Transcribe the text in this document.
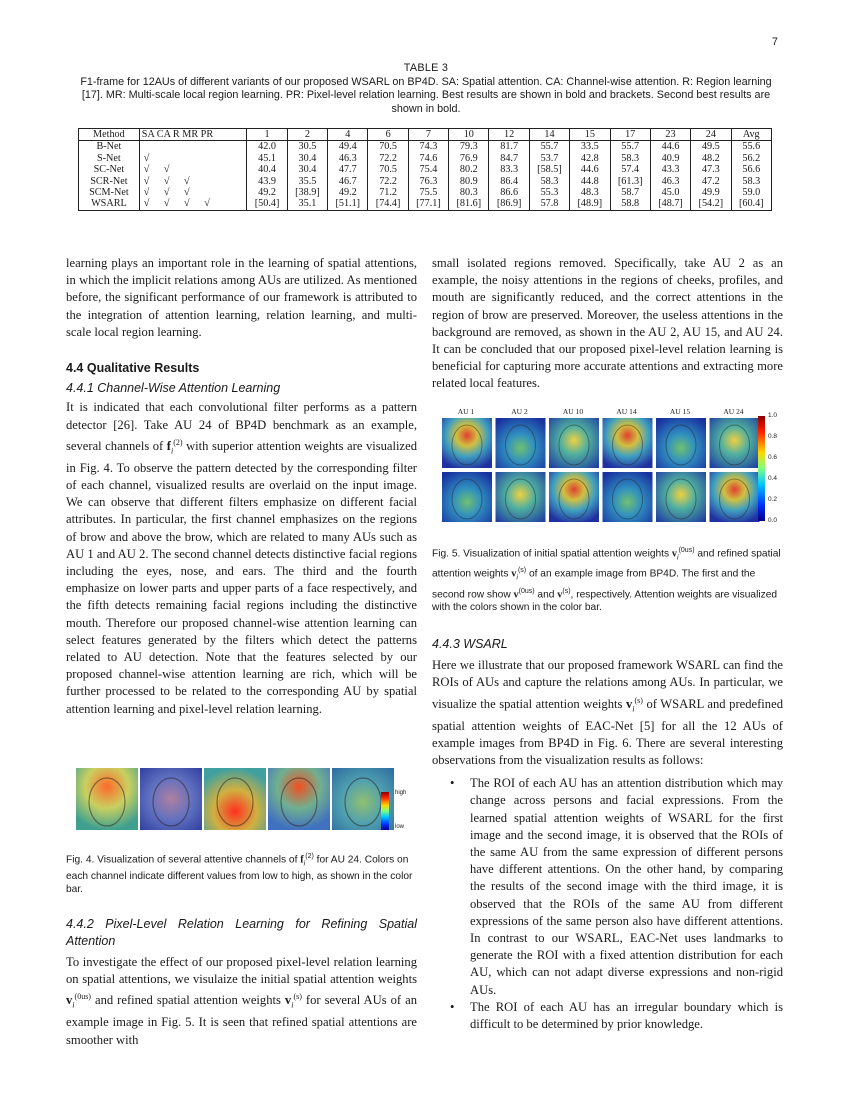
7
TABLE 3
F1-frame for 12AUs of different variants of our proposed WSARL on BP4D. SA: Spatial attention. CA: Channel-wise attention. R: Region learning [17]. MR: Multi-scale local region learning. PR: Pixel-level relation learning. Best results are shown in bold and brackets. Second best results are shown in bold.
Method	SA CA R MR PR	1	2	4	6	7	10	12	14	15	17	23	24	Avg
B-Net		42.0	30.5	49.4	70.5	74.3	79.3	81.7	55.7	33.5	55.7	44.6	49.5	55.6
S-Net	√	45.1	30.4	46.3	72.2	74.6	76.9	84.7	53.7	42.8	58.3	40.9	48.2	56.2
SC-Net	√ √	40.4	30.4	47.7	70.5	75.4	80.2	83.3	[58.5]	44.6	57.4	43.3	47.3	56.6
SCR-Net	√ √ √	43.9	35.5	46.7	72.2	76.3	80.9	86.4	58.3	44.8	[61.3]	46.3	47.2	58.3
SCM-Net	√ √ √	49.2	[38.9]	49.2	71.2	75.5	80.3	86.6	55.3	48.3	58.7	45.0	49.9	59.0
WSARL	√ √ √ √	[50.4]	35.1	[51.1]	[74.4]	[77.1]	[81.6]	[86.9]	57.8	[48.9]	58.8	[48.7]	[54.2]	[60.4]

learning plays an important role in the learning of spatial attentions, in which the implicit relations among AUs are utilized. As mentioned before, the significant performance of our framework is attributed to the integration of attention learning, relation learning, and multi-scale local region learning.

4.4 Qualitative Results
4.4.1 Channel-Wise Attention Learning

It is indicated that each convolutional filter performs as a pattern detector [26]. Take AU 24 of BP4D benchmark as an example, several channels of $f_i^{(2)}$ with superior attention weights are visualized in Fig. 4. To observe the pattern detected by the corresponding filter of each channel, visualized results are overlaid on the input image. We can observe that different filters emphasize on different facial attributes. In particular, the first channel emphasizes on the regions of brow and above the brow, which are related to many AUs such as AU 1 and AU 2. The second channel detects distinctive facial regions including the eyes, nose, and ears. The third and the fourth emphasize on lower parts and upper parts of a face respectively, and the fifth detects remaining facial regions including the distinctive mouth. Therefore our proposed channel-wise attention learning can select features generated by the filters which detect the patterns related to AU detection. Note that the features selected by our proposed channel-wise attention learning are rich, which will be further processed to be related to the corresponding AU by spatial attention learning and pixel-level relation learning.

high
low
Fig. 4. Visualization of several attentive channels of $f_i^{(2)}$ for AU 24. Colors on each channel indicate different values from low to high, as shown in the color bar.
4.4.2 Pixel-Level Relation Learning for Refining Spatial Attention

To investigate the effect of our proposed pixel-level relation learning on spatial attentions, we visulaize the initial spatial attention weights $v_i^{(0us)}$ and refined spatial attention weights $v_i^{(s)}$ for several AUs of an example image in Fig. 5. It is seen that refined spatial attentions are smoother with

small isolated regions removed. Specifically, take AU 2 as an example, the noisy attentions in the regions of cheeks, profiles, and mouth are significantly reduced, and the correct attentions in the region of brow are preserved. Moreover, the useless attentions in the background are removed, as shown in the AU 2, AU 15, and AU 24. It can be concluded that our proposed pixel-level relation learning is beneficial for capturing more accurate attentions and extracting more related local features.

AU 1	AU 2	AU 10	AU 14	AU 15	AU 24	1.0
0.8
0.6
0.4
0.2
0.0
Fig. 5. Visualization of initial spatial attention weights $v_i^{(0us)}$ and refined spatial attention weights $v_i^{(s)}$ of an example image from BP4D. The first and the second row show $v^{(0us)}$ and $v^{(s)}$, respectively. Attention weights are visualized with the colors shown in the color bar.
4.4.3 WSARL

Here we illustrate that our proposed framework WSARL can find the ROIs of AUs and capture the relations among AUs. In particular, we visualize the spatial attention weights $v_i^{(s)}$ of WSARL and predefined spatial attention weights of EAC-Net [5] for all the 12 AUs of example images from BP4D in Fig. 6. There are several interesting observations from the visualization results as follows:

• The ROI of each AU has an attention distribution which may change across persons and facial expressions. From the learned spatial attention weights of WSARL for the first image and the second image, it is observed that the ROIs of the same AU from the same expression of different persons have different attentions. On the other hand, by comparing the results of the second image with the third image, it is observed that the ROIs of the same AU from different expressions of the same person also have different attentions. In contrast to our WSARL, EAC-Net uses landmarks to generate the ROI with a fixed attention distribution for each AU, which can not adapt diverse expressions and non-rigid AUs.
• The ROI of each AU has an irregular boundary which is difficult to be determined by prior knowledge.
